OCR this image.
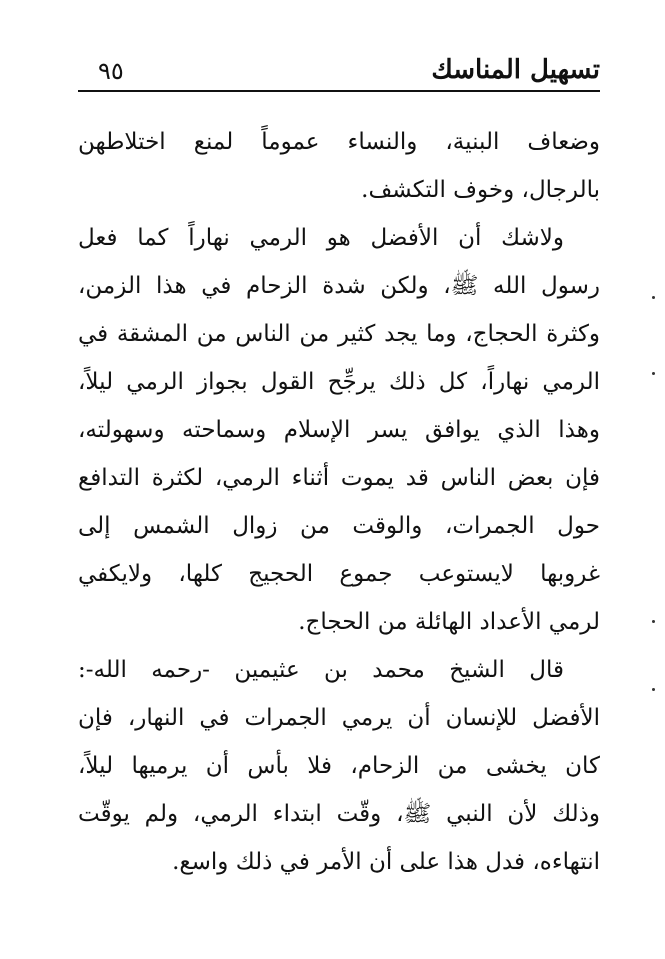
تسهيل المناسك
٩٥
وضعاف البنية، والنساء عموماً لمنع اختلاطهن
بالرجال، وخوف التكشف.
ولاشك أن الأفضل هو الرمي نهاراً كما فعل
رسول الله ﷺ، ولكن شدة الزحام في هذا الزمن،
وكثرة الحجاج، وما يجد كثير من الناس من المشقة في
الرمي نهاراً، كل ذلك يرجِّح القول بجواز الرمي ليلاً،
وهذا الذي يوافق يسر الإسلام وسماحته وسهولته،
فإن بعض الناس قد يموت أثناء الرمي، لكثرة التدافع
حول الجمرات، والوقت من زوال الشمس إلى
غروبها لايستوعب جموع الحجيج كلها، ولايكفي
لرمي الأعداد الهائلة من الحجاج.
قال الشيخ محمد بن عثيمين -رحمه الله-:
الأفضل للإنسان أن يرمي الجمرات في النهار، فإن
كان يخشى من الزحام، فلا بأس أن يرميها ليلاً،
وذلك لأن النبي ﷺ، وقّت ابتداء الرمي، ولم يوقّت
انتهاءه، فدل هذا على أن الأمر في ذلك واسع.
